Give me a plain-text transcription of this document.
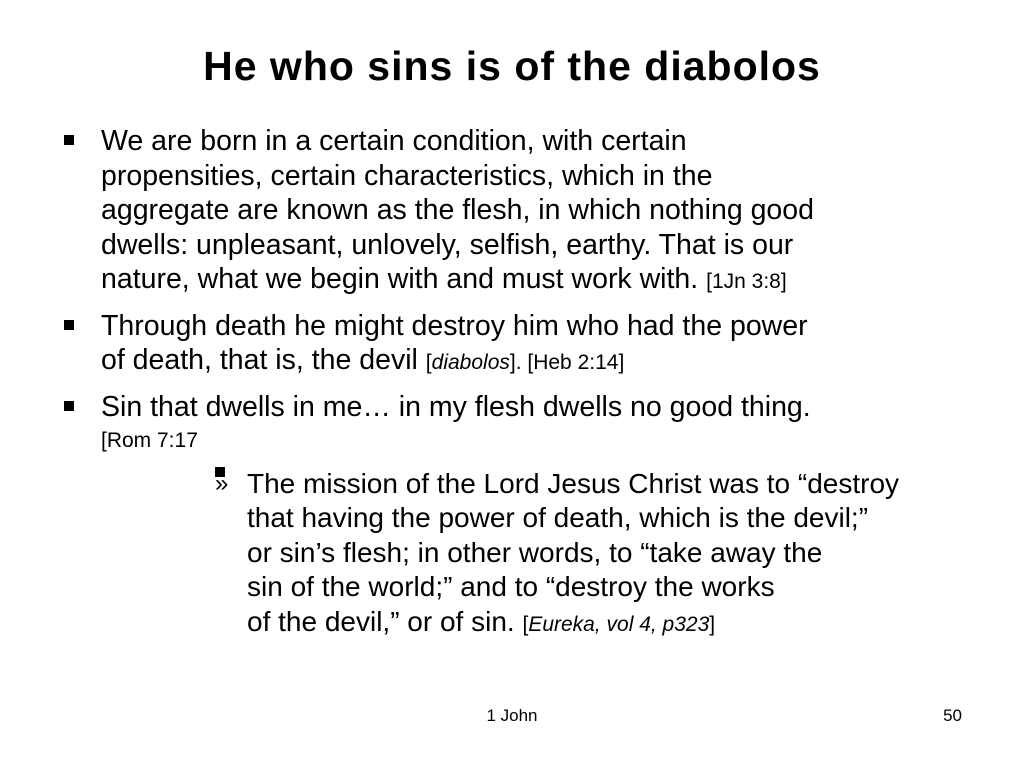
He who sins is of the diabolos
We are born in a certain condition, with certain
propensities, certain characteristics, which in the
aggregate are known as the flesh, in which nothing good
dwells: unpleasant, unlovely, selfish, earthy. That is our
nature, what we begin with and must work with. [1Jn 3:8]
Through death he might destroy him who had the power
of death, that is, the devil [diabolos]. [Heb 2:14]
Sin that dwells in me… in my flesh dwells no good thing.
[Rom 7:17
» The mission of the Lord Jesus Christ was to “destroy
that having the power of death, which is the devil;”
or sin’s flesh; in other words, to “take away the
sin of the world;” and to “destroy the works
of the devil,” or of sin. [Eureka, vol 4, p323]
1 John	50
